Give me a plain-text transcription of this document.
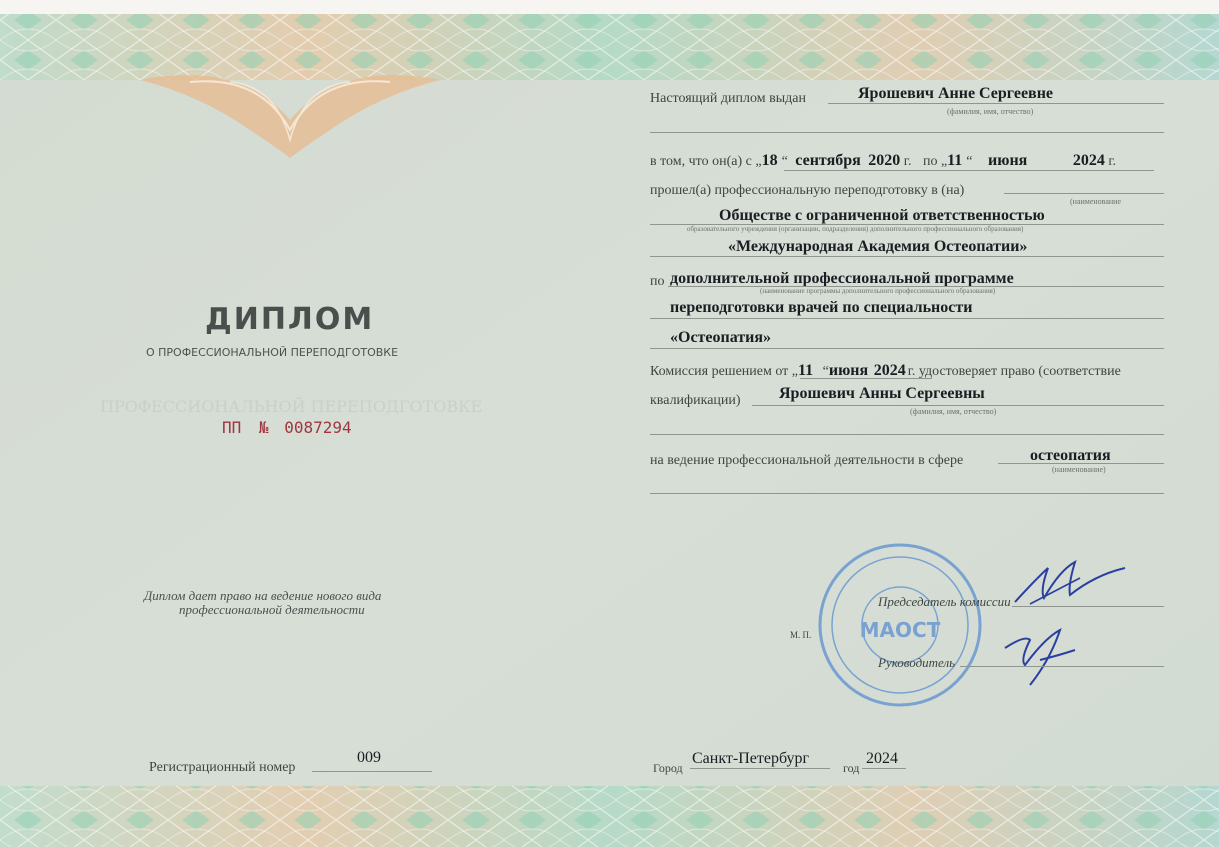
ПРОФЕССИОНАЛЬНОЙ ПЕРЕПОДГОТОВКЕ
МАОСТ
ДИПЛОМ
О ПРОФЕССИОНАЛЬНОЙ ПЕРЕПОДГОТОВКЕ
ПП № 0087294
Диплом дает право на ведение нового вида
профессиональной деятельности
Регистрационный номер
009
Настоящий диплом выдан	Ярошевич Анне Сергеевне
(фамилия, имя, отчество)
в том, что он(а) с „18 “ сентября 2020 г. по „11 “ июня	2024 г.
прошел(а) профессиональную переподготовку в (на)
(наименование
Обществе с ограниченной ответственностью
образовательного учреждения (организации, подразделения) дополнительного профессионального образования)
«Международная Академия Остеопатии»
по дополнительной профессиональной программе
(наименование программы дополнительного профессионального образования)
переподготовки врачей по специальности
«Остеопатия»
Комиссия решением от „11 “июня 2024 г. удостоверяет право (соответствие
квалификации) Ярошевич Анны Сергеевны
(фамилия, имя, отчество)
на ведение профессиональной деятельности в сфере	остеопатия
(наименование)
Председатель комиссии
М. П.
Руководитель
Город
Санкт-Петербург
год
2024
